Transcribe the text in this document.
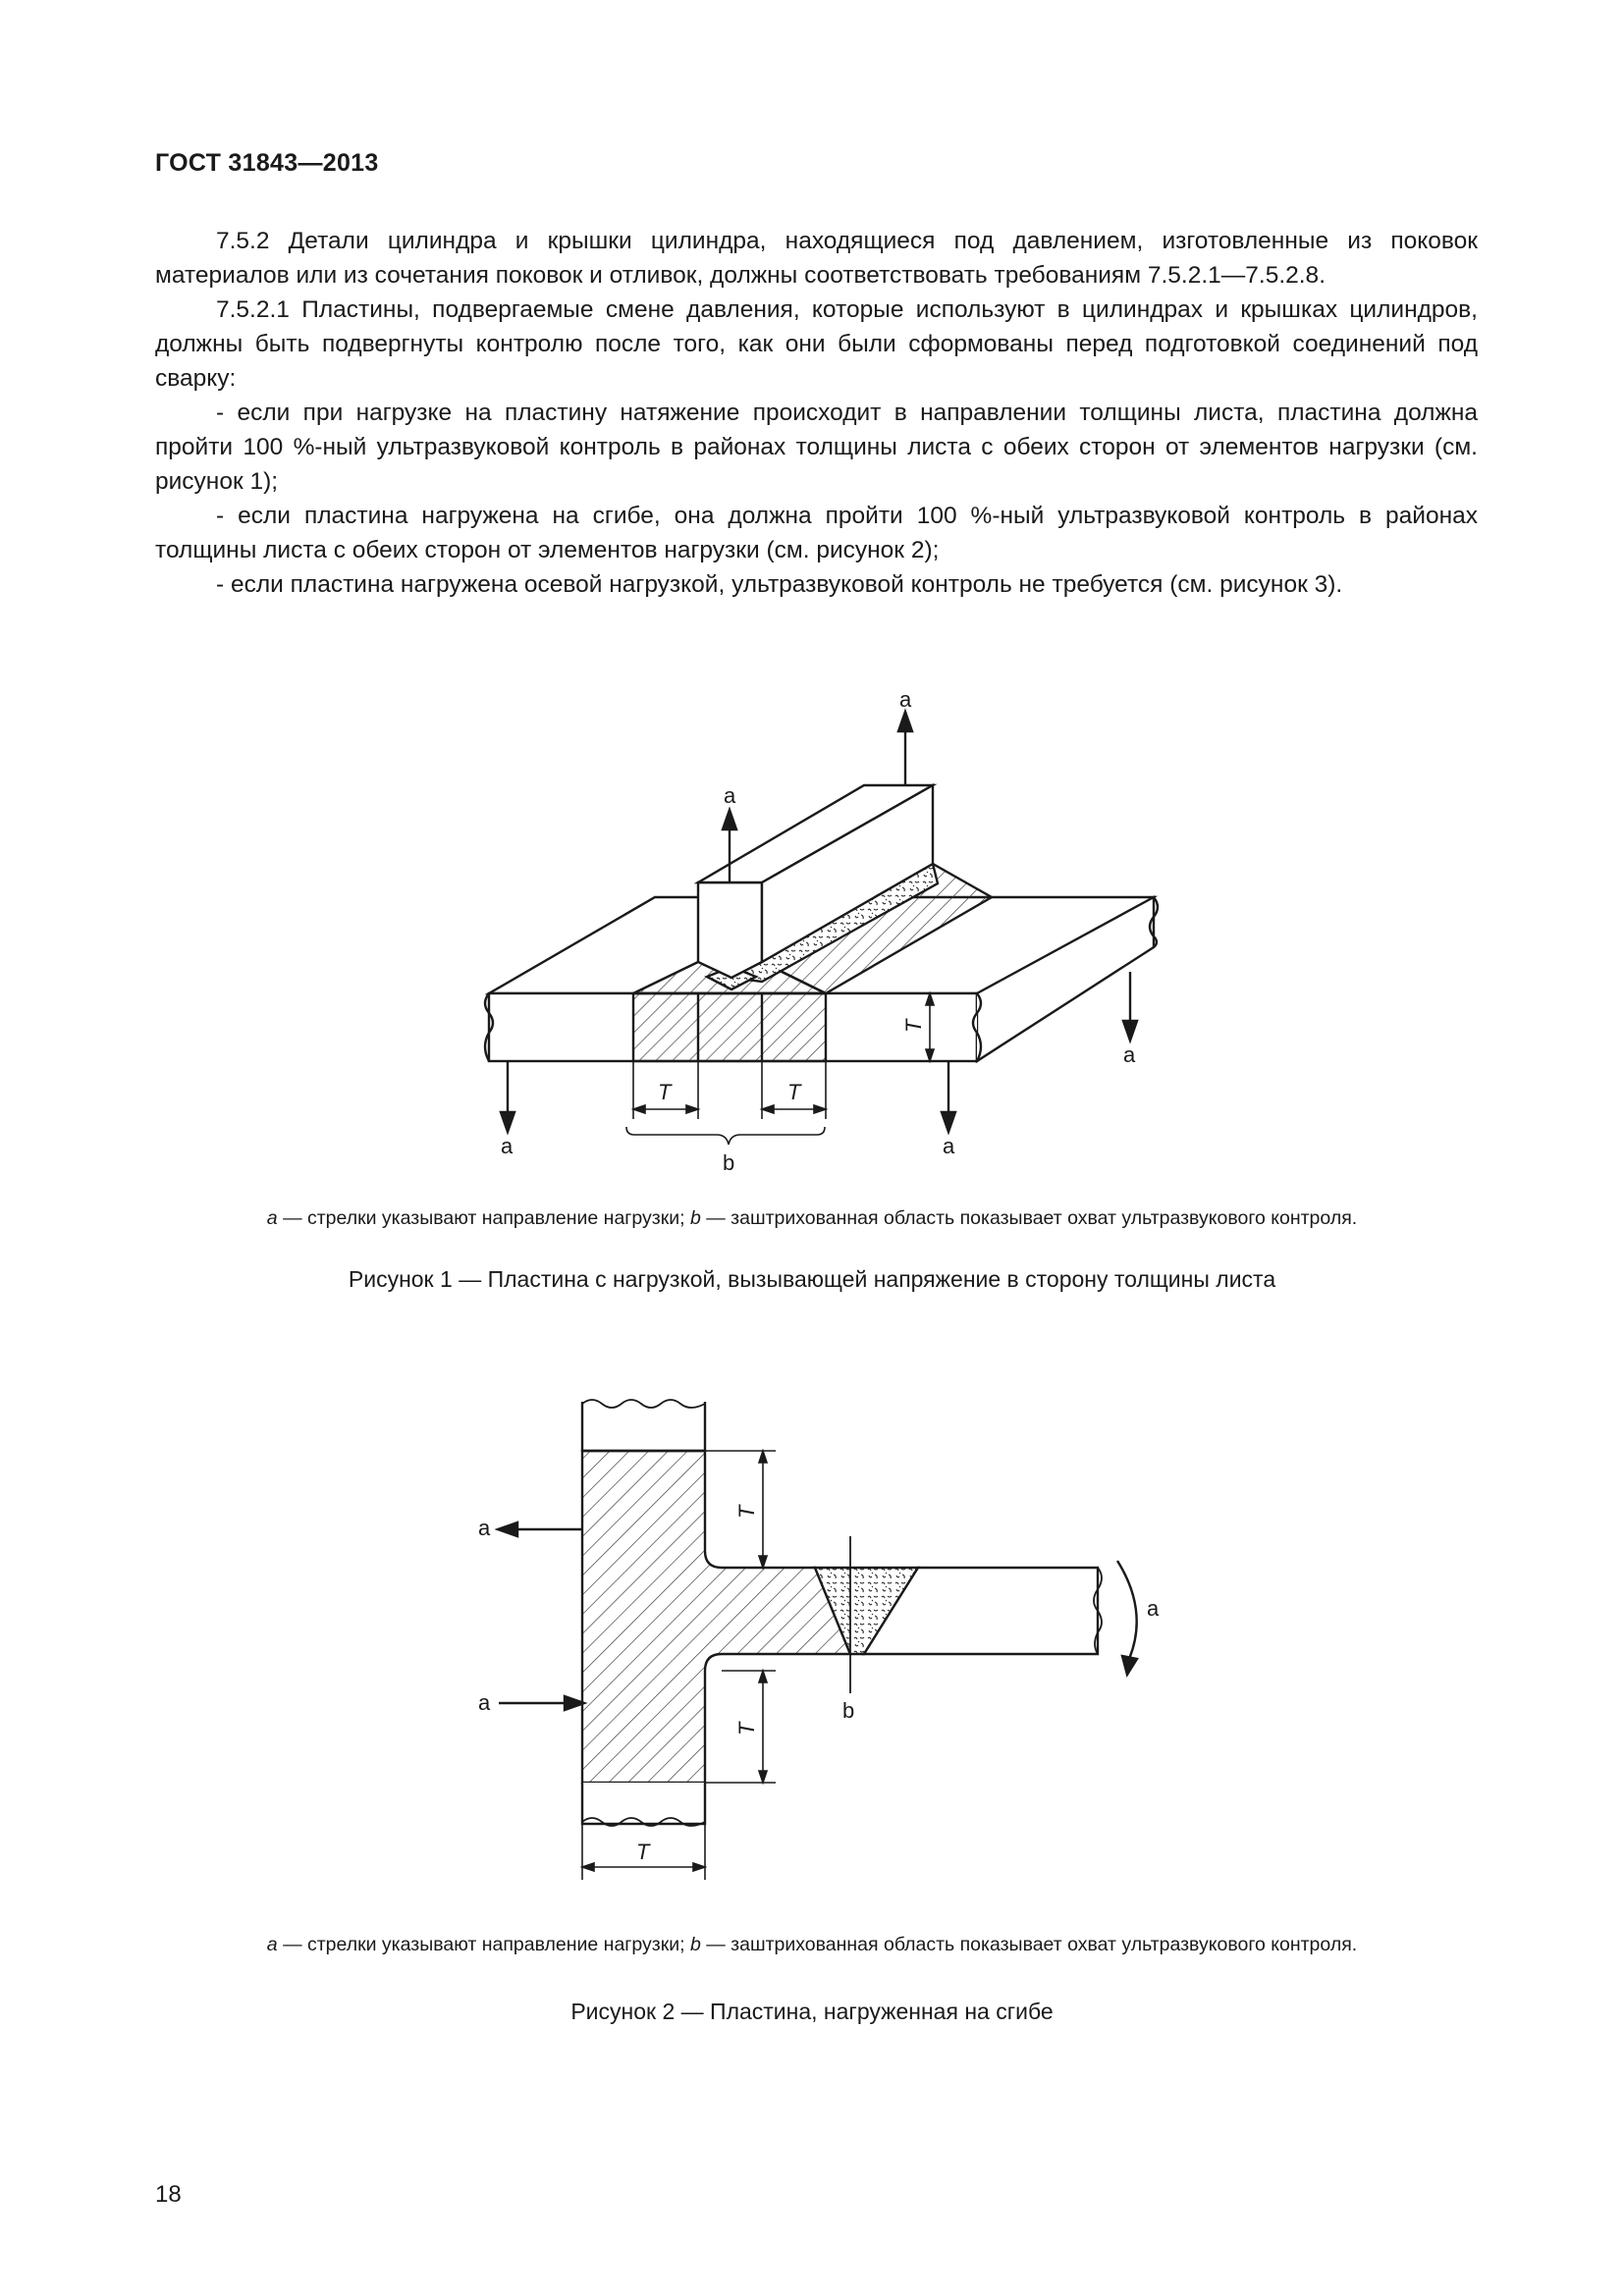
ГОСТ 31843—2013

7.5.2 Детали цилиндра и крышки цилиндра, находящиеся под давлением, изготовленные из поковок материалов или из сочетания поковок и отливок, должны соответствовать требованиям 7.5.2.1—7.5.2.8.

7.5.2.1 Пластины, подвергаемые смене давления, которые используют в цилиндрах и крышках цилиндров, должны быть подвергнуты контролю после того, как они были сформованы перед подготовкой соединений под сварку:

- если при нагрузке на пластину натяжение происходит в направлении толщины листа, пластина должна пройти 100 %-ный ультразвуковой контроль в районах толщины листа с обеих сторон от элементов нагрузки (см. рисунок 1);

- если пластина нагружена на сгибе, она должна пройти 100 %-ный ультразвуковой контроль в районах толщины листа с обеих сторон от элементов нагрузки (см. рисунок 2);

- если пластина нагружена осевой нагрузкой, ультразвуковой контроль не требуется (см. рисунок 3).

a
a
a	a
a
b
T	T
T
a — стрелки указывают направление нагрузки; b — заштрихованная область показывает охват ультразвукового контроля.
Рисунок 1 — Пластина с нагрузкой, вызывающей напряжение в сторону толщины листа
a
a
a
b
T
T
T
a — стрелки указывают направление нагрузки; b — заштрихованная область показывает охват ультразвукового контроля.
Рисунок 2 — Пластина, нагруженная на сгибе
18
